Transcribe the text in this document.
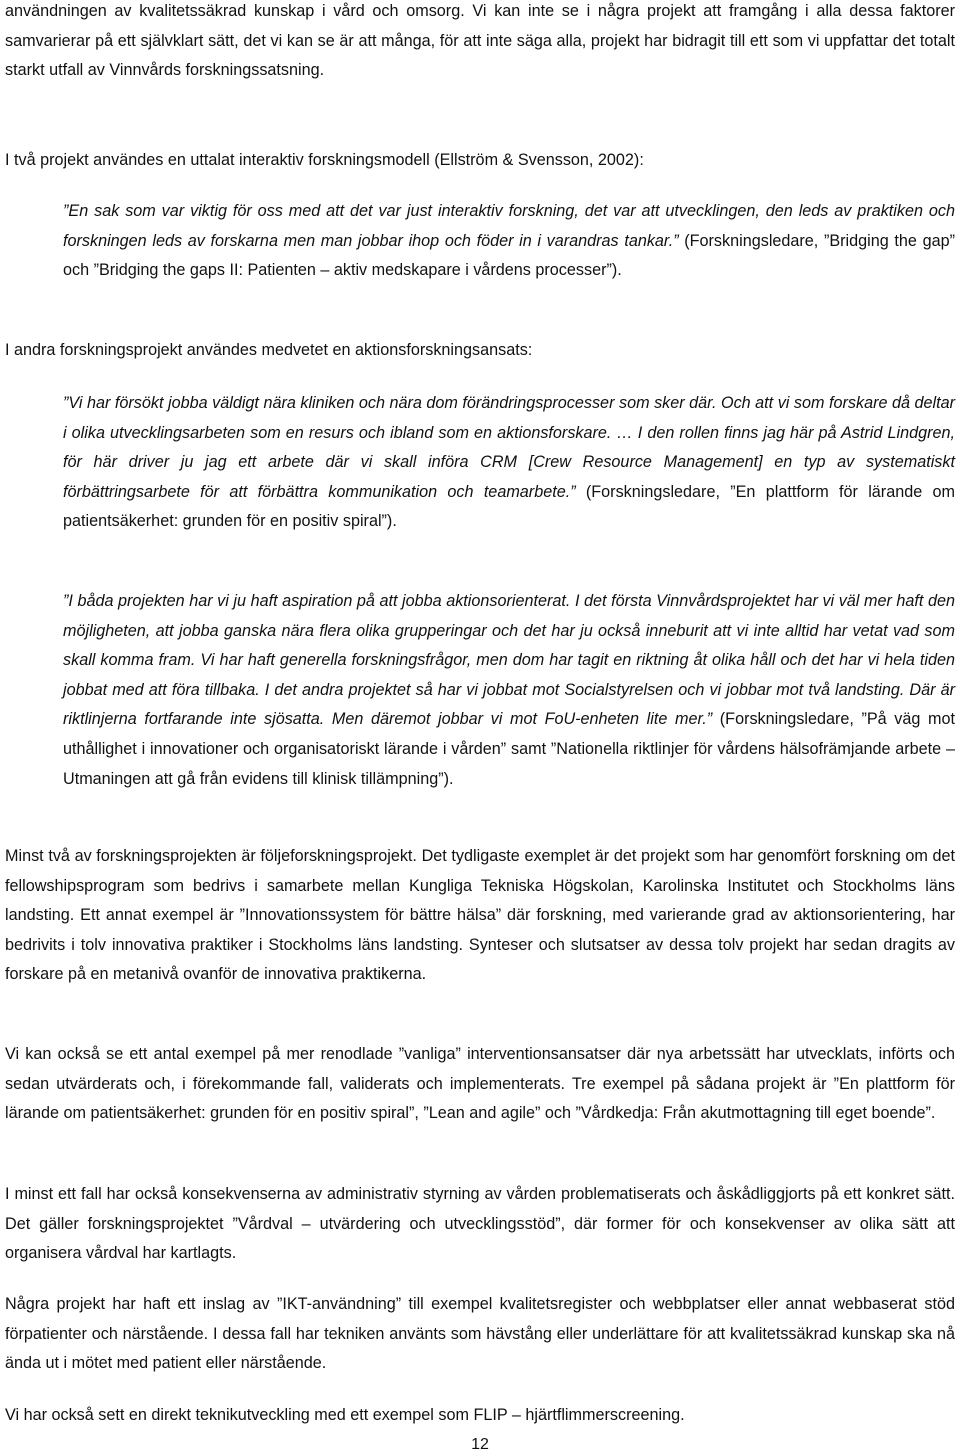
användningen av kvalitetssäkrad kunskap i vård och omsorg. Vi kan inte se i några projekt att framgång i alla dessa faktorer samvarierar på ett självklart sätt, det vi kan se är att många, för att inte säga alla, projekt har bidragit till ett som vi uppfattar det totalt starkt utfall av Vinnvårds forskningssatsning.

I två projekt användes en uttalat interaktiv forskningsmodell (Ellström & Svensson, 2002):

”En sak som var viktig för oss med att det var just interaktiv forskning, det var att utvecklingen, den leds av praktiken och forskningen leds av forskarna men man jobbar ihop och föder in i varandras tankar.” (Forskningsledare, ”Bridging the gap” och ”Bridging the gaps II: Patienten – aktiv medskapare i vårdens processer”).

I andra forskningsprojekt användes medvetet en aktionsforskningsansats:

”Vi har försökt jobba väldigt nära kliniken och nära dom förändringsprocesser som sker där. Och att vi som forskare då deltar i olika utvecklingsarbeten som en resurs och ibland som en aktionsforskare. … I den rollen finns jag här på Astrid Lindgren, för här driver ju jag ett arbete där vi skall införa CRM [Crew Resource Management] en typ av systematiskt förbättringsarbete för att förbättra kommunikation och teamarbete.” (Forskningsledare, ”En plattform för lärande om patientsäkerhet: grunden för en positiv spiral”).

”I båda projekten har vi ju haft aspiration på att jobba aktionsorienterat. I det första Vinnvårdsprojektet har vi väl mer haft den möjligheten, att jobba ganska nära flera olika grupperingar och det har ju också inneburit att vi inte alltid har vetat vad som skall komma fram. Vi har haft generella forskningsfrågor, men dom har tagit en riktning åt olika håll och det har vi hela tiden jobbat med att föra tillbaka. I det andra projektet så har vi jobbat mot Socialstyrelsen och vi jobbar mot två landsting. Där är riktlinjerna fortfarande inte sjösatta. Men däremot jobbar vi mot FoU-enheten lite mer.” (Forskningsledare, ”På väg mot uthållighet i innovationer och organisatoriskt lärande i vården” samt ”Nationella riktlinjer för vårdens hälsofrämjande arbete – Utmaningen att gå från evidens till klinisk tillämpning”).

Minst två av forskningsprojekten är följeforskningsprojekt. Det tydligaste exemplet är det projekt som har genomfört forskning om det fellowshipsprogram som bedrivs i samarbete mellan Kungliga Tekniska Högskolan, Karolinska Institutet och Stockholms läns landsting. Ett annat exempel är ”Innovationssystem för bättre hälsa” där forskning, med varierande grad av aktionsorientering, har bedrivits i tolv innovativa praktiker i Stockholms läns landsting. Synteser och slutsatser av dessa tolv projekt har sedan dragits av forskare på en metanivå ovanför de innovativa praktikerna.

Vi kan också se ett antal exempel på mer renodlade ”vanliga” interventionsansatser där nya arbetssätt har utvecklats, införts och sedan utvärderats och, i förekommande fall, validerats och implementerats. Tre exempel på sådana projekt är ”En plattform för lärande om patientsäkerhet: grunden för en positiv spiral”, ”Lean and agile” och ”Vårdkedja: Från akutmottagning till eget boende”.

I minst ett fall har också konsekvenserna av administrativ styrning av vården problematiserats och åskådliggjorts på ett konkret sätt. Det gäller forskningsprojektet ”Vårdval – utvärdering och utvecklingsstöd”, där former för och konsekvenser av olika sätt att organisera vårdval har kartlagts.

Några projekt har haft ett inslag av ”IKT-användning” till exempel kvalitetsregister och webbplatser eller annat webbaserat stöd förpatienter och närstående. I dessa fall har tekniken använts som hävstång eller underlättare för att kvalitetssäkrad kunskap ska nå ända ut i mötet med patient eller närstående.

Vi har också sett en direkt teknikutveckling med ett exempel som FLIP – hjärtflimmerscreening.

12
